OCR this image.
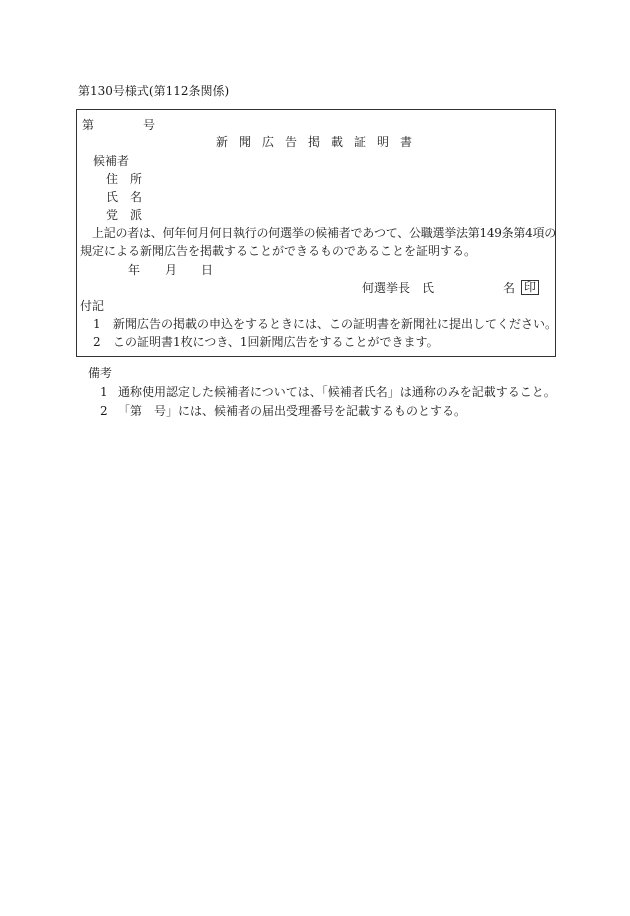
第130号様式(第112条関係)
第	号
新聞広告掲載証明書
候補者
住　所
氏　名
党　派
上記の者は、何年何月何日執行の何選挙の候補者であつて、公職選挙法第149条第4項の
規定による新聞広告を掲載することができるものであることを証明する。
年 月 日
何選挙長　氏	名 印
付記
1 新聞広告の掲載の申込をするときには、この証明書を新聞社に提出してください。
2 この証明書1枚につき、1回新聞広告をすることができます。
備考
1 通称使用認定した候補者については、「候補者氏名」は通称のみを記載すること。
2 「第　号」には、候補者の届出受理番号を記載するものとする。
